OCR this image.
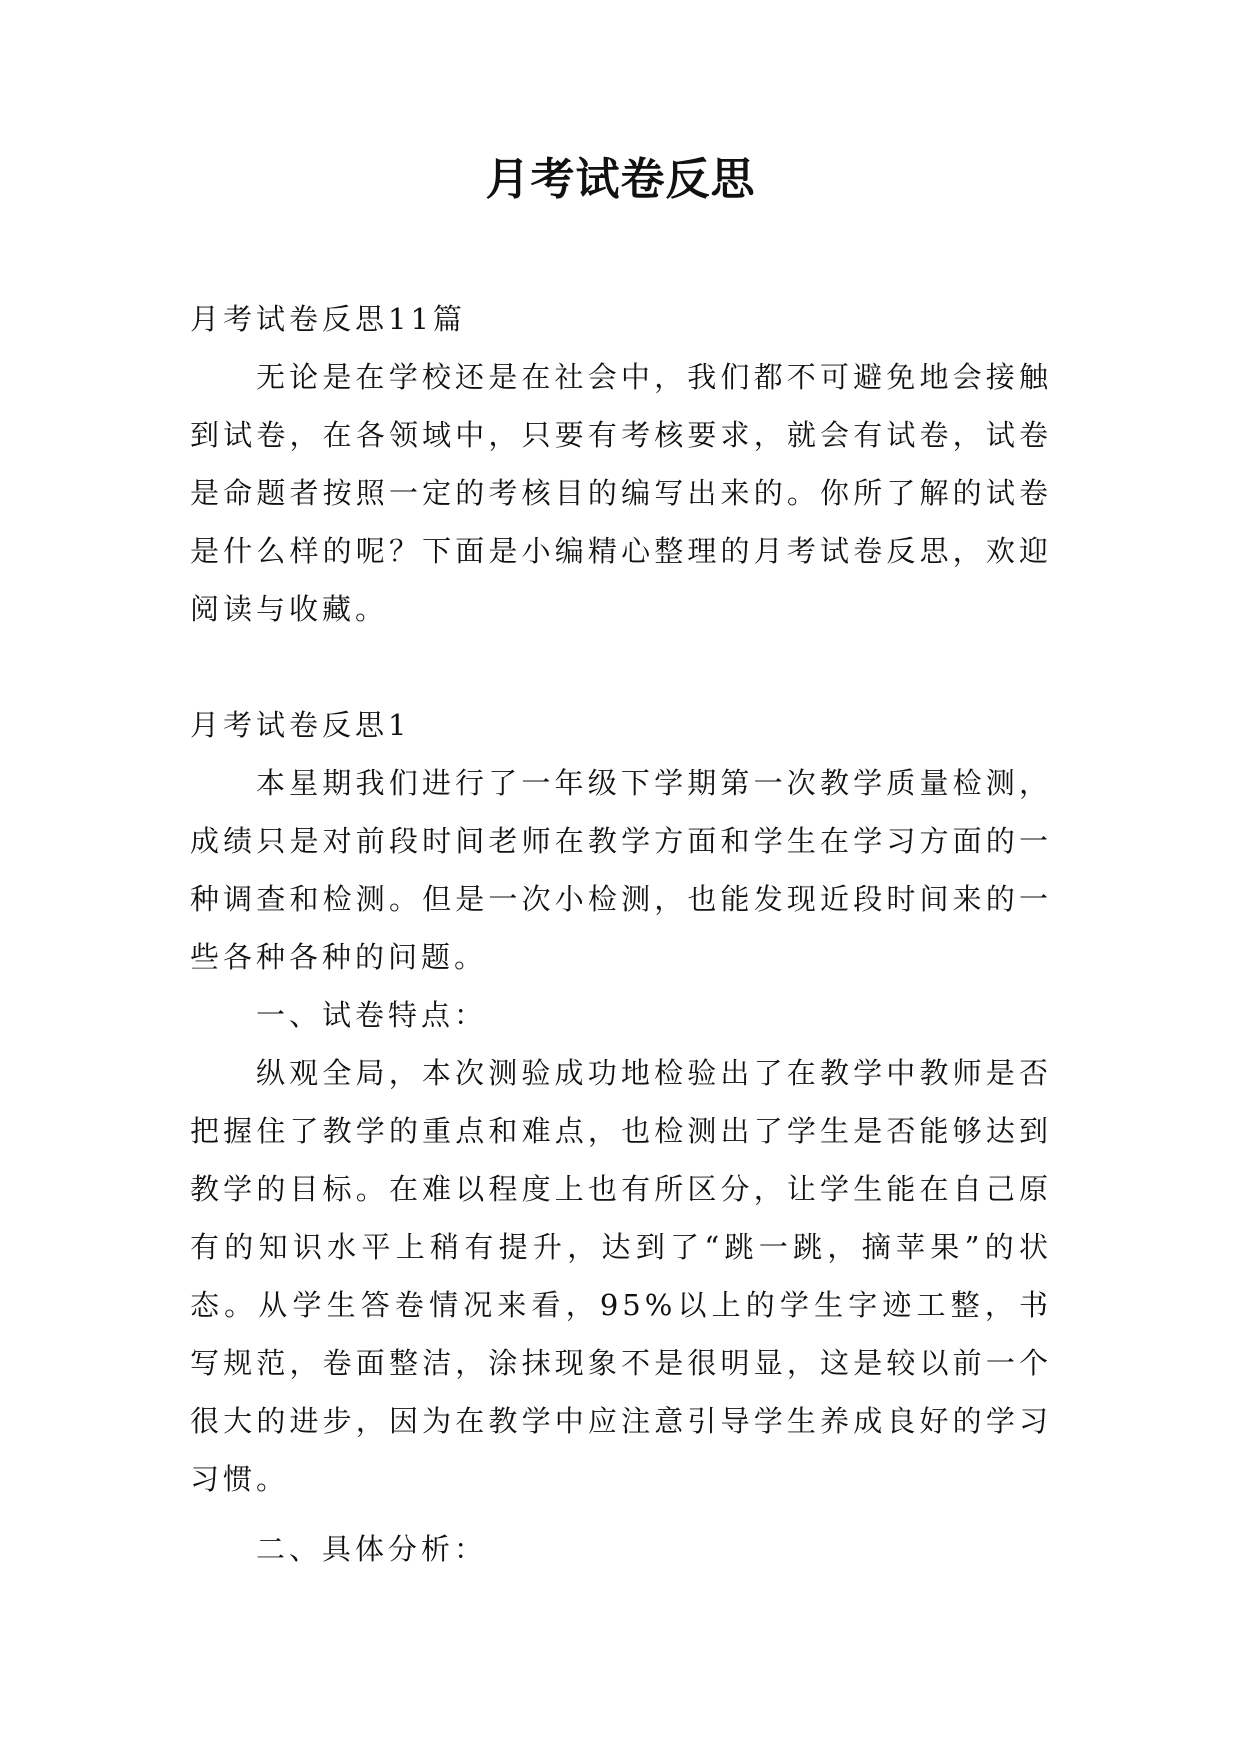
月考试卷反思

月考试卷反思11篇

无论是在学校还是在社会中，我们都不可避免地会接触到试卷，在各领域中，只要有考核要求，就会有试卷，试卷是命题者按照一定的考核目的编写出来的。你所了解的试卷是什么样的呢？下面是小编精心整理的月考试卷反思，欢迎阅读与收藏。

月考试卷反思1

本星期我们进行了一年级下学期第一次教学质量检测，成绩只是对前段时间老师在教学方面和学生在学习方面的一种调查和检测。但是一次小检测，也能发现近段时间来的一些各种各种的问题。

一、试卷特点：

纵观全局，本次测验成功地检验出了在教学中教师是否把握住了教学的重点和难点，也检测出了学生是否能够达到教学的目标。在难以程度上也有所区分，让学生能在自己原有的知识水平上稍有提升，达到了“跳一跳，摘苹果”的状态。从学生答卷情况来看，95%以上的学生字迹工整，书写规范，卷面整洁，涂抹现象不是很明显，这是较以前一个很大的进步，因为在教学中应注意引导学生养成良好的学习习惯。

二、具体分析：
